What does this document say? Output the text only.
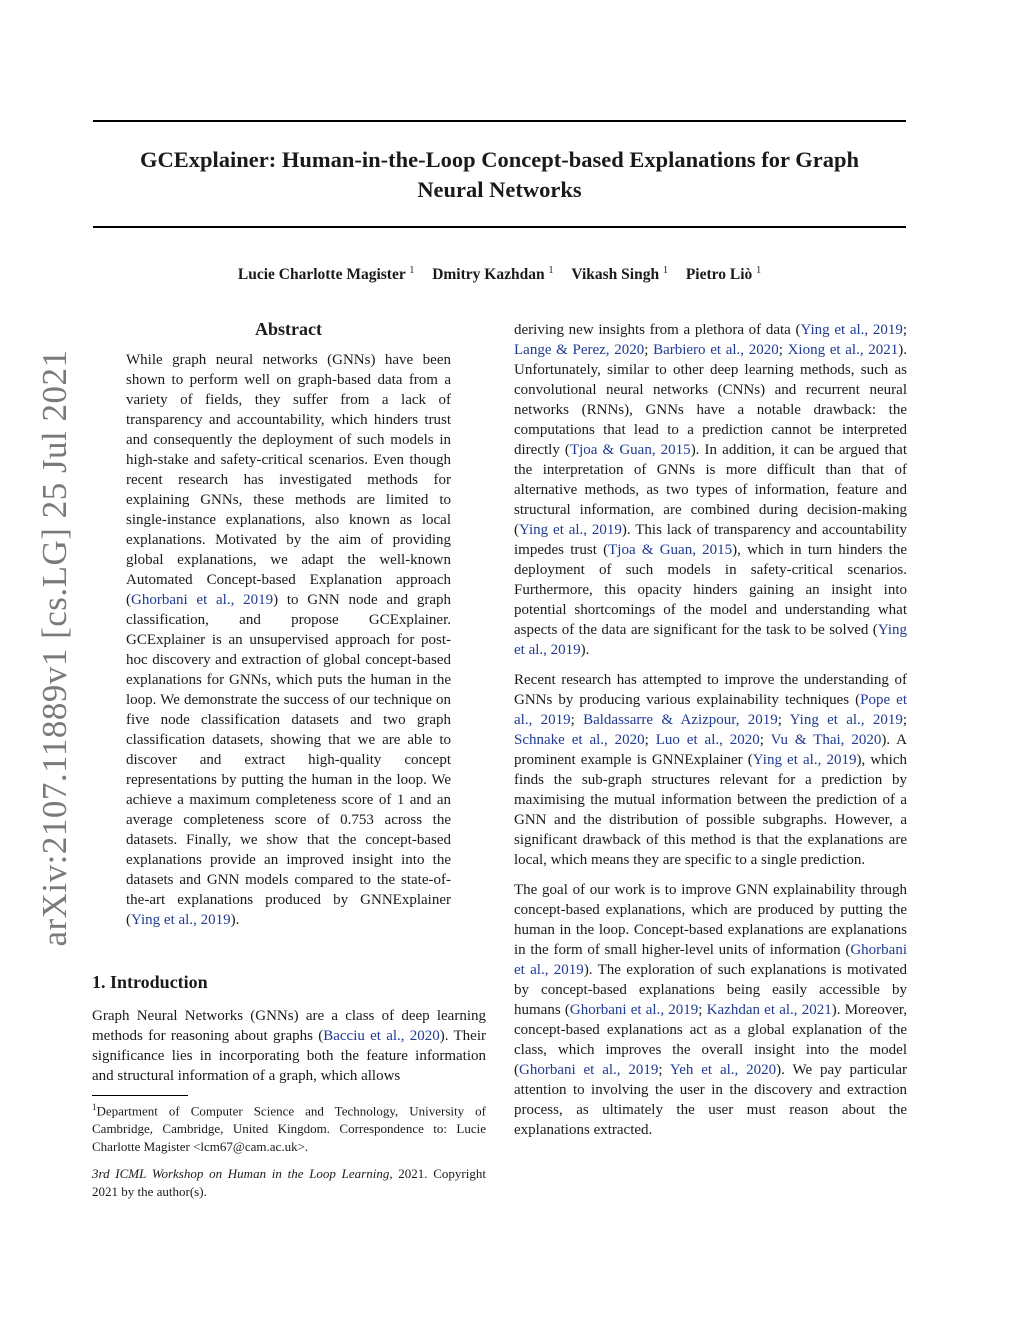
GCExplainer: Human-in-the-Loop Concept-based Explanations for Graph
Neural Networks
Lucie Charlotte Magister $^1$ Dmitry Kazhdan $^1$ Vikash Singh $^1$ Pietro Liò $^1$
arXiv:2107.11889v1 [cs.LG] 25 Jul 2021
Abstract

While graph neural networks (GNNs) have been shown to perform well on graph-based data from a variety of fields, they suffer from a lack of transparency and accountability, which hinders trust and consequently the deployment of such models in high-stake and safety-critical scenarios. Even though recent research has investigated methods for explaining GNNs, these methods are limited to single-instance explanations, also known as local explanations. Motivated by the aim of providing global explanations, we adapt the well-known Automated Concept-based Explanation approach (Ghorbani et al., 2019) to GNN node and graph classification, and propose GCExplainer. GCExplainer is an unsupervised approach for post-hoc discovery and extraction of global concept-based explanations for GNNs, which puts the human in the loop. We demonstrate the success of our technique on five node classification datasets and two graph classification datasets, showing that we are able to discover and extract high-quality concept representations by putting the human in the loop. We achieve a maximum completeness score of 1 and an average completeness score of 0.753 across the datasets. Finally, we show that the concept-based explanations provide an improved insight into the datasets and GNN models compared to the state-of-the-art explanations produced by GNNExplainer (Ying et al., 2019).

1. Introduction

Graph Neural Networks (GNNs) are a class of deep learning methods for reasoning about graphs (Bacciu et al., 2020). Their significance lies in incorporating both the feature information and structural information of a graph, which allows

$^1$Department of Computer Science and Technology, University of Cambridge, Cambridge, United Kingdom. Correspondence to: Lucie Charlotte Magister <lcm67@cam.ac.uk>.
3rd ICML Workshop on Human in the Loop Learning, 2021. Copyright 2021 by the author(s).

deriving new insights from a plethora of data (Ying et al., 2019; Lange & Perez, 2020; Barbiero et al., 2020; Xiong et al., 2021). Unfortunately, similar to other deep learning methods, such as convolutional neural networks (CNNs) and recurrent neural networks (RNNs), GNNs have a notable drawback: the computations that lead to a prediction cannot be interpreted directly (Tjoa & Guan, 2015). In addition, it can be argued that the interpretation of GNNs is more difficult than that of alternative methods, as two types of information, feature and structural information, are combined during decision-making (Ying et al., 2019). This lack of transparency and accountability impedes trust (Tjoa & Guan, 2015), which in turn hinders the deployment of such models in safety-critical scenarios. Furthermore, this opacity hinders gaining an insight into potential shortcomings of the model and understanding what aspects of the data are significant for the task to be solved (Ying et al., 2019).

Recent research has attempted to improve the understanding of GNNs by producing various explainability techniques (Pope et al., 2019; Baldassarre & Azizpour, 2019; Ying et al., 2019; Schnake et al., 2020; Luo et al., 2020; Vu & Thai, 2020). A prominent example is GNNExplainer (Ying et al., 2019), which finds the sub-graph structures relevant for a prediction by maximising the mutual information between the prediction of a GNN and the distribution of possible subgraphs. However, a significant drawback of this method is that the explanations are local, which means they are specific to a single prediction.

The goal of our work is to improve GNN explainability through concept-based explanations, which are produced by putting the human in the loop. Concept-based explanations are explanations in the form of small higher-level units of information (Ghorbani et al., 2019). The exploration of such explanations is motivated by concept-based explanations being easily accessible by humans (Ghorbani et al., 2019; Kazhdan et al., 2021). Moreover, concept-based explanations act as a global explanation of the class, which improves the overall insight into the model (Ghorbani et al., 2019; Yeh et al., 2020). We pay particular attention to involving the user in the discovery and extraction process, as ultimately the user must reason about the explanations extracted.
